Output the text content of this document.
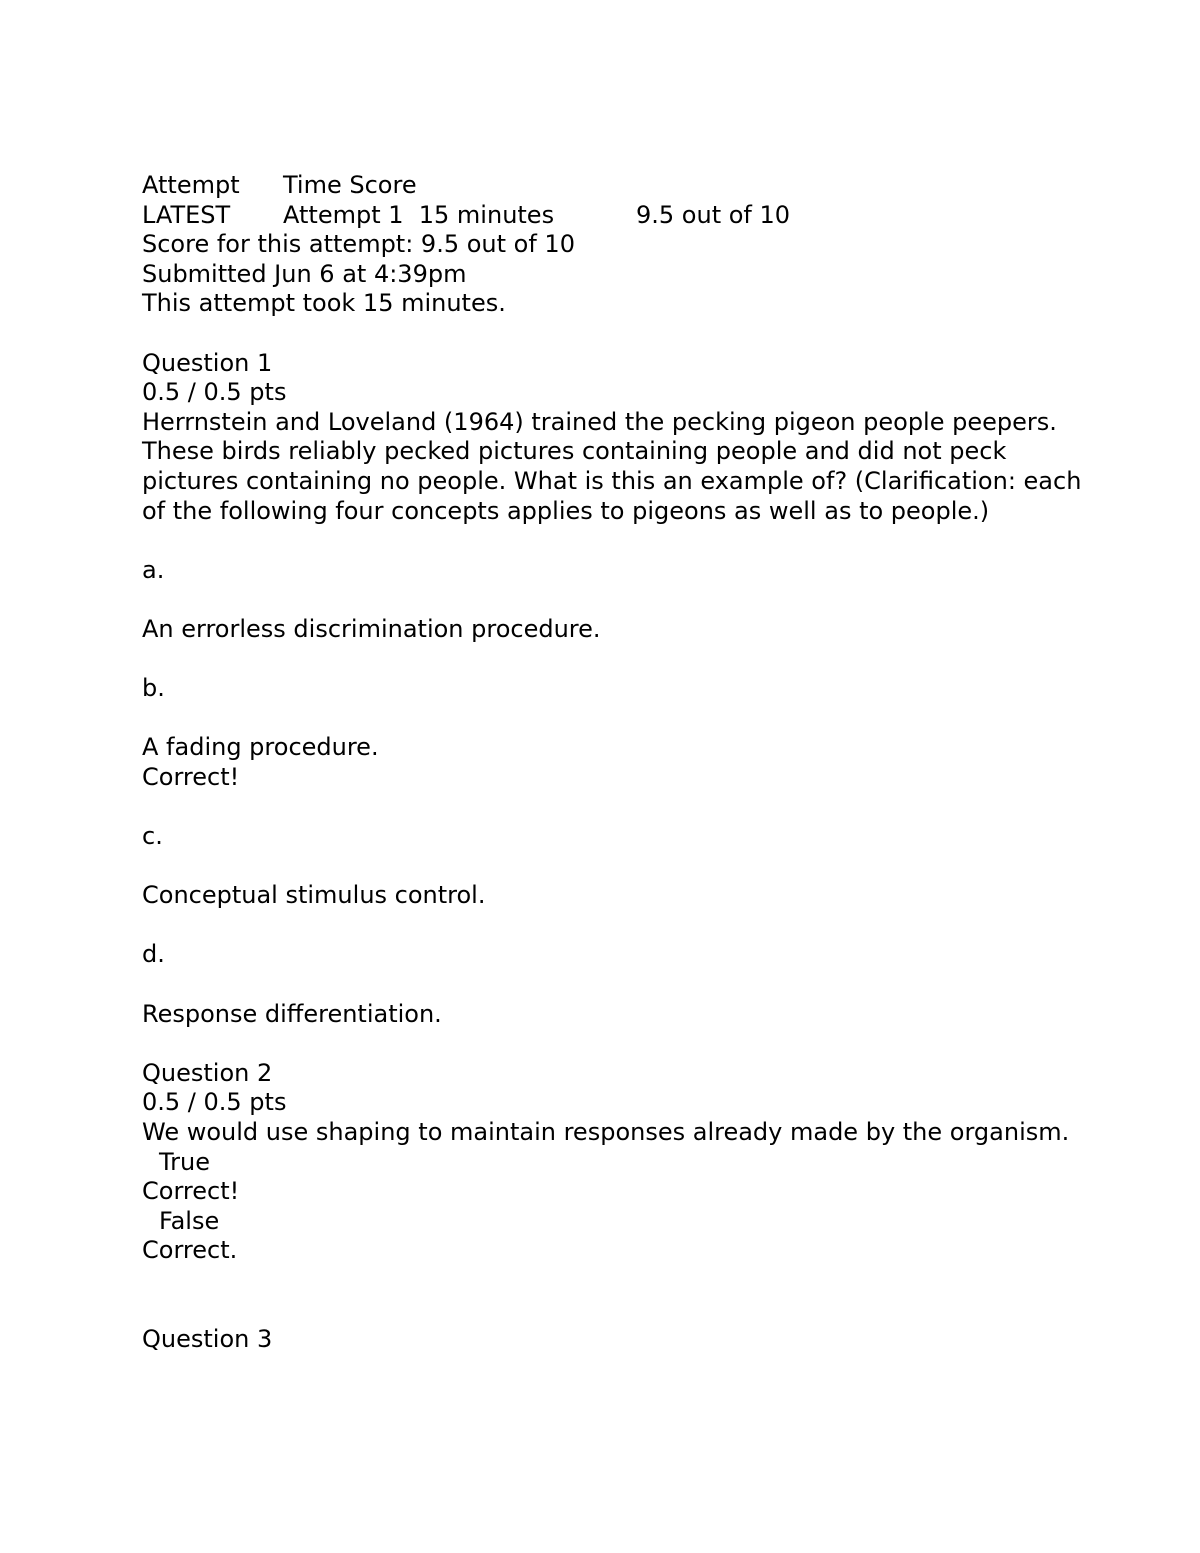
Attempt Time Score
LATEST Attempt 1  15 minutes	9.5 out of 10
Score for this attempt: 9.5 out of 10
Submitted Jun 6 at 4:39pm
This attempt took 15 minutes.
Question 1
0.5 / 0.5 pts
Herrnstein and Loveland (1964) trained the pecking pigeon people peepers. These birds reliably pecked pictures containing people and did not peck pictures containing no people. What is this an example of? (Clarification: each of the following four concepts applies to pigeons as well as to people.)
a.
An errorless discrimination procedure.
b.
A fading procedure.
Correct!
c.
Conceptual stimulus control.
d.
Response differentiation.
Question 2
0.5 / 0.5 pts
We would use shaping to maintain responses already made by the organism.
True
Correct!
False
Correct.
Question 3
